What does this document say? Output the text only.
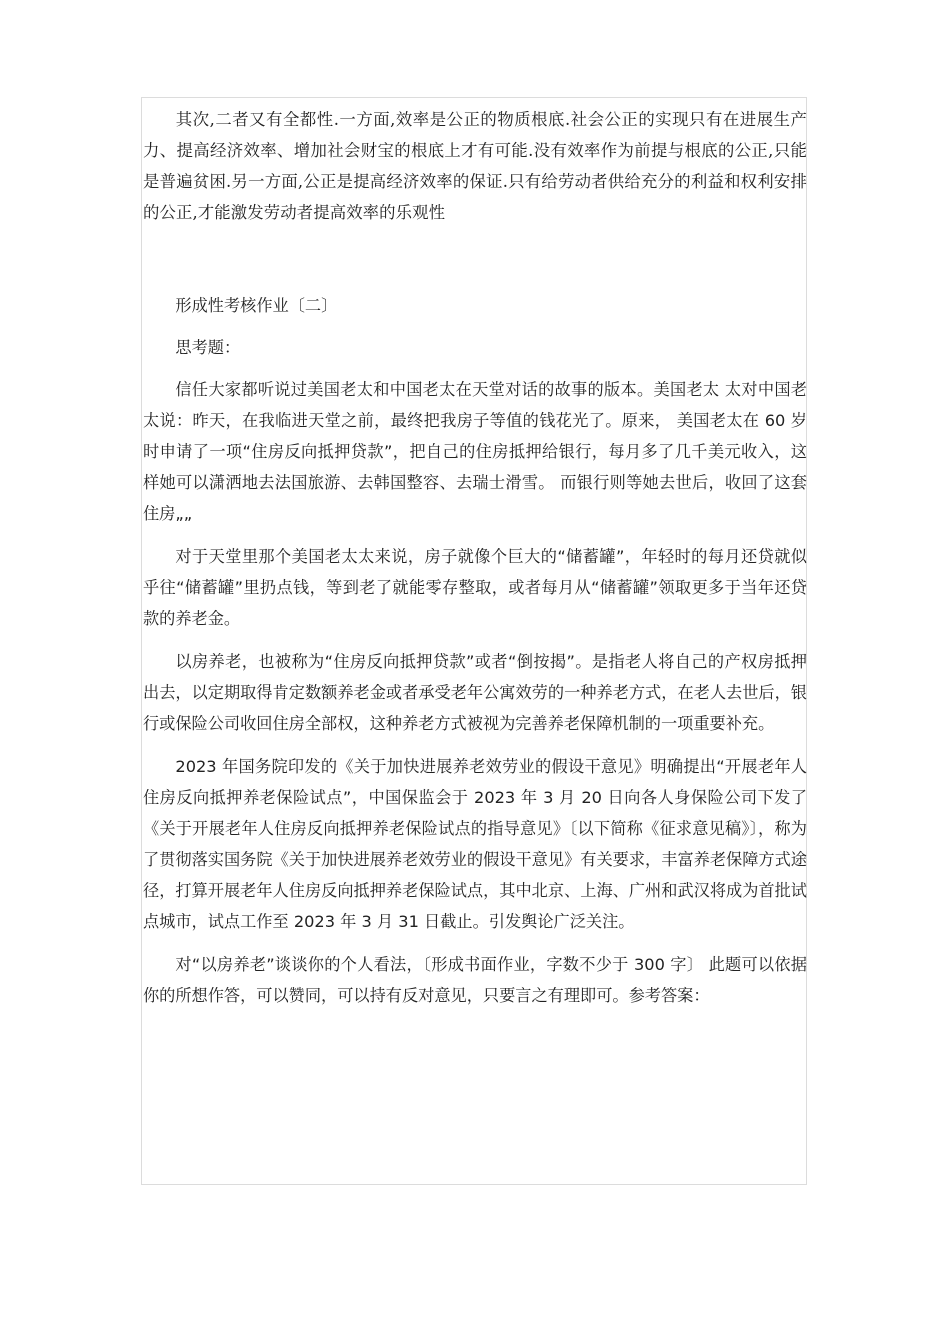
其次,二者又有全都性.一方面,效率是公正的物质根底.社会公正的实现只有在进展生产力、提高经济效率、增加社会财宝的根底上才有可能.没有效率作为前提与根底的公正,只能是普遍贫困.另一方面,公正是提高经济效率的保证.只有给劳动者供给充分的利益和权利安排的公正,才能激发劳动者提高效率的乐观性

形成性考核作业〔二〕

思考题：

信任大家都听说过美国老太和中国老太在天堂对话的故事的版本。美国老太 太对中国老太说：昨天，在我临进天堂之前，最终把我房子等值的钱花光了。原来， 美国老太在 60 岁时申请了一项“住房反向抵押贷款”，把自己的住房抵押给银行，每月多了几千美元收入，这样她可以潇洒地去法国旅游、去韩国整容、去瑞士滑雪。 而银行则等她去世后，收回了这套住房„„

对于天堂里那个美国老太太来说，房子就像个巨大的“储蓄罐”，年轻时的每月还贷就似乎往“储蓄罐”里扔点钱，等到老了就能零存整取，或者每月从“储蓄罐”领取更多于当年还贷款的养老金。

以房养老，也被称为“住房反向抵押贷款”或者“倒按揭”。是指老人将自己的产权房抵押出去，以定期取得肯定数额养老金或者承受老年公寓效劳的一种养老方式，在老人去世后，银行或保险公司收回住房全部权，这种养老方式被视为完善养老保障机制的一项重要补充。

2023 年国务院印发的《关于加快进展养老效劳业的假设干意见》明确提出“开展老年人住房反向抵押养老保险试点”，中国保监会于 2023 年 3 月 20 日向各人身保险公司下发了《关于开展老年人住房反向抵押养老保险试点的指导意见》〔以下简称《征求意见稿》〕，称为了贯彻落实国务院《关于加快进展养老效劳业的假设干意见》有关要求，丰富养老保障方式途径，打算开展老年人住房反向抵押养老保险试点，其中北京、上海、广州和武汉将成为首批试点城市，试点工作至 2023 年 3 月 31 日截止。引发舆论广泛关注。

对“以房养老”谈谈你的个人看法，〔形成书面作业，字数不少于 300 字〕 此题可以依据你的所想作答，可以赞同，可以持有反对意见，只要言之有理即可。参考答案：
